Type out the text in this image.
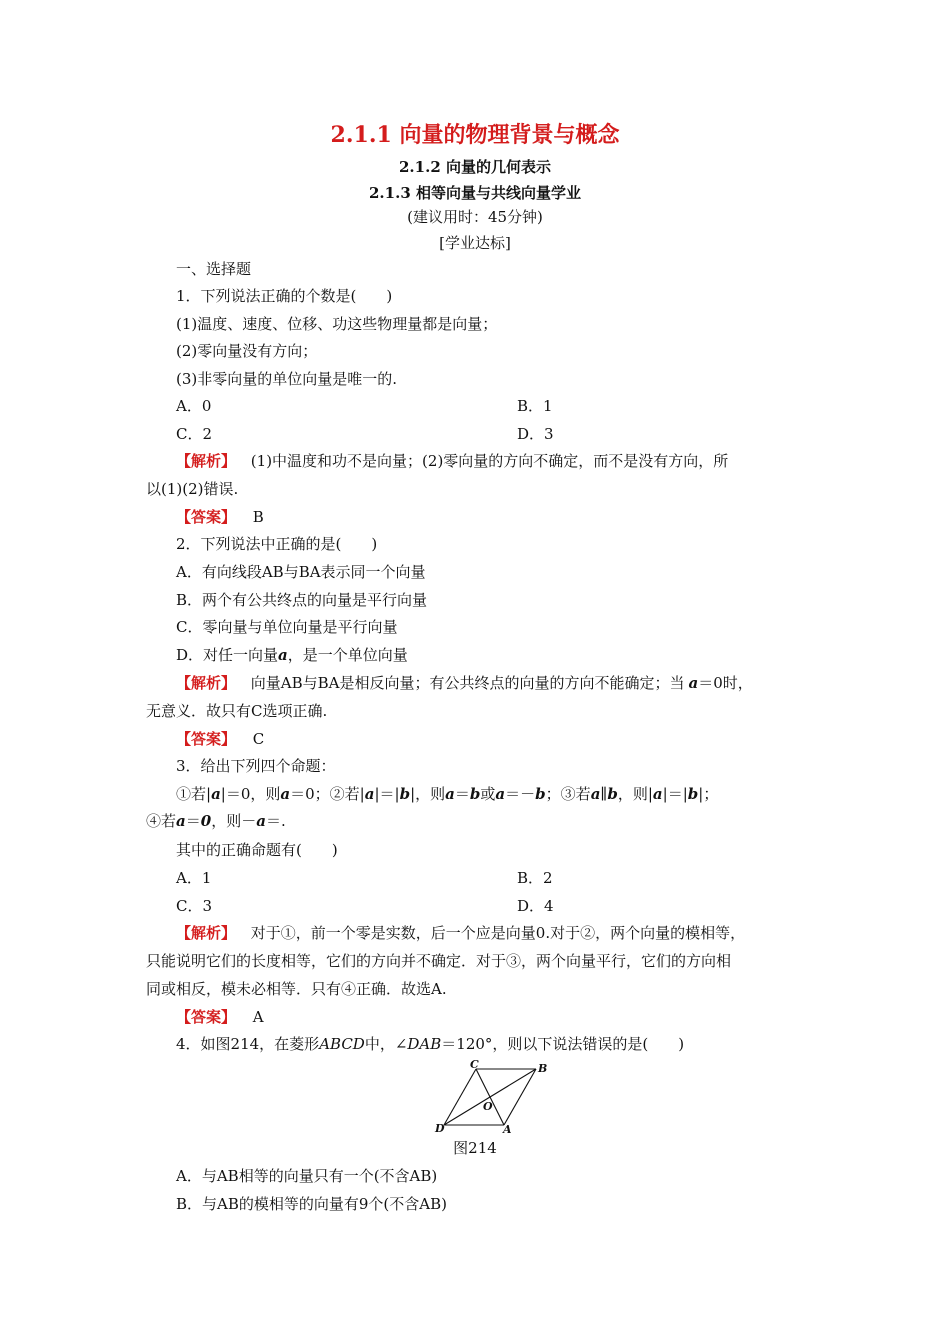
2.1.1 向量的物理背景与概念
2.1.2 向量的几何表示
2.1.3 相等向量与共线向量学业
(建议用时：45分钟)
[学业达标]
一、选择题
1．下列说法正确的个数是(　　)
(1)温度、速度、位移、功这些物理量都是向量；
(2)零向量没有方向；
(3)非零向量的单位向量是唯一的.
A．0	B．1
C．2	D．3
【解析】 (1)中温度和功不是向量；(2)零向量的方向不确定，而不是没有方向，所
以(1)(2)错误.
【答案】 B
2．下列说法中正确的是(　　)
A．有向线段AB与BA表示同一个向量
B．两个有公共终点的向量是平行向量
C．零向量与单位向量是平行向量
D．对任一向量a，是一个单位向量
【解析】 向量AB与BA是相反向量；有公共终点的向量的方向不能确定；当 a＝0时，
无意义．故只有C选项正确.
【答案】 C
3．给出下列四个命题：
①若|a|＝0，则a＝0；②若|a|＝|b|，则a＝b或a＝－b；③若a∥b，则|a|＝|b|；
④若a＝0，则－a＝.
其中的正确命题有(　　)
A．1	B．2
C．3	D．4
【解析】 对于①，前一个零是实数，后一个应是向量0.对于②，两个向量的模相等，
只能说明它们的长度相等，它们的方向并不确定．对于③，两个向量平行，它们的方向相
同或相反，模未必相等．只有④正确．故选A.
【答案】 A
4．如图214，在菱形ABCD中，∠DAB＝120°，则以下说法错误的是(　　)
C	B
O
D	A
图214
A．与AB相等的向量只有一个(不含AB)
B．与AB的模相等的向量有9个(不含AB)
